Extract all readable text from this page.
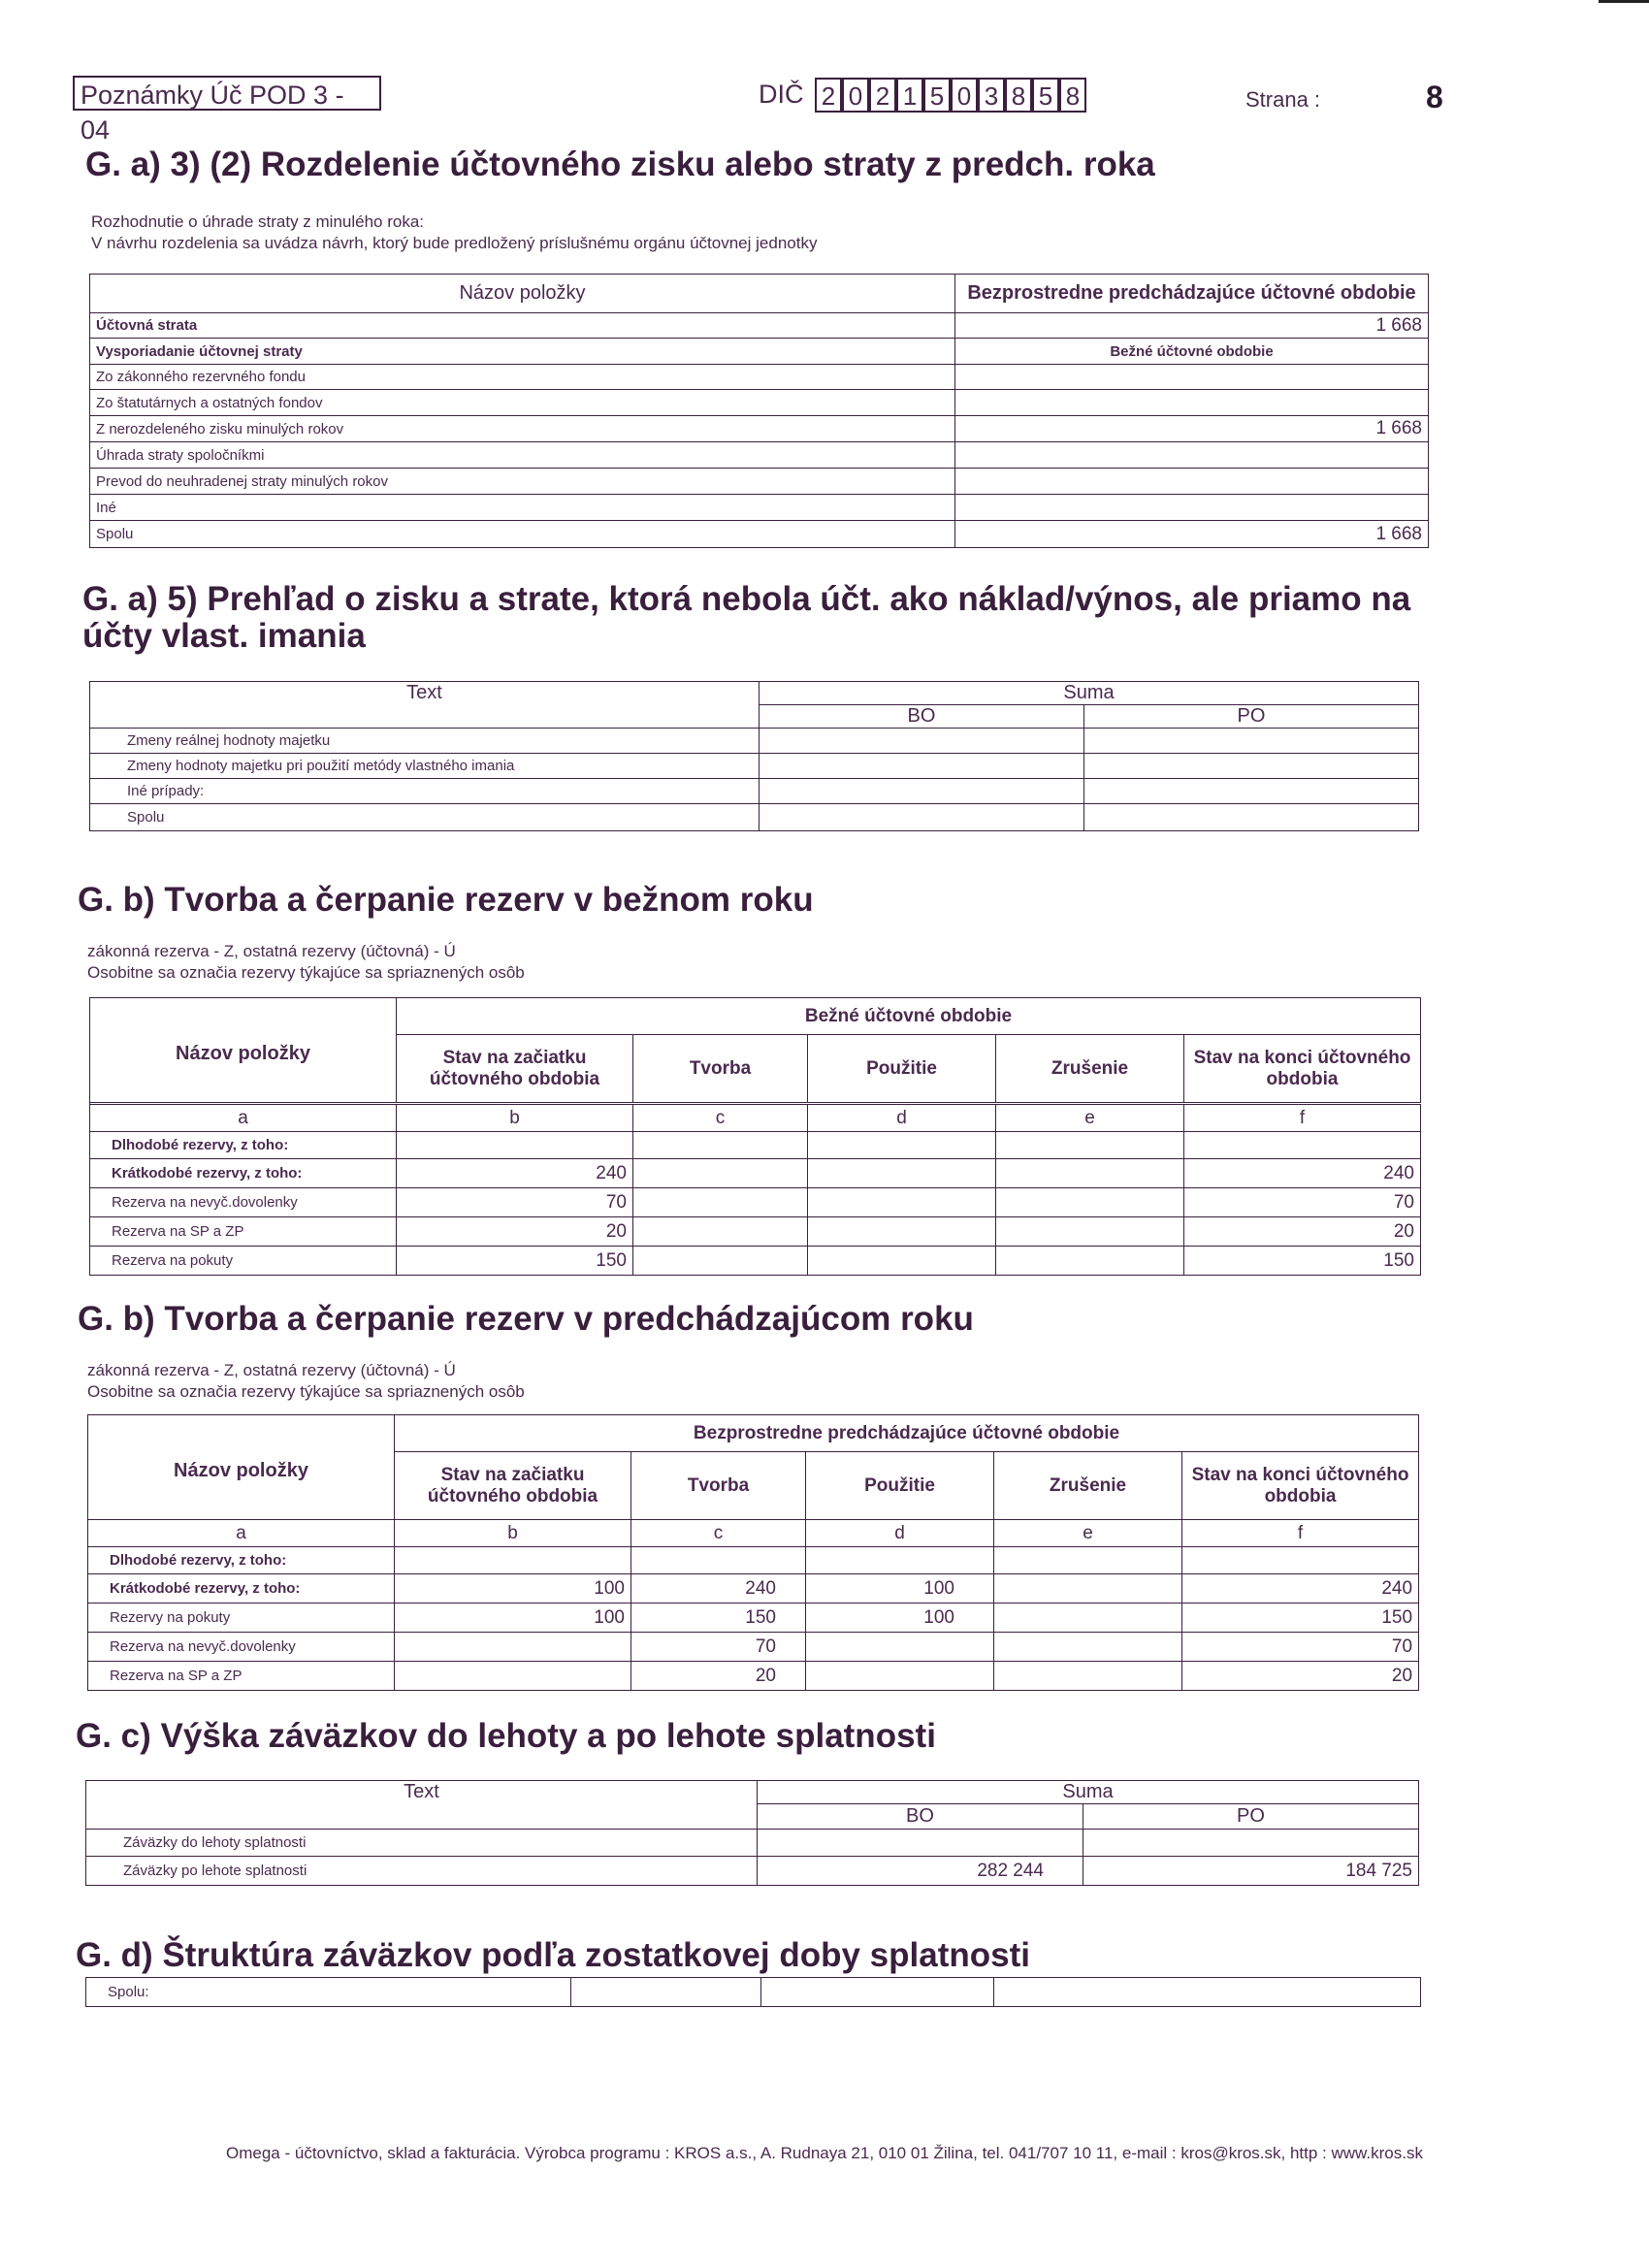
Poznámky Úč POD 3 - 04
DIČ 2 0 2 1 5 0 3 8 5 8	Strana :	8
G. a) 3) (2) Rozdelenie účtovného zisku alebo straty z predch. roka
Rozhodnutie o úhrade straty z minulého roka:
V návrhu rozdelenia sa uvádza návrh, ktorý bude predložený príslušnému orgánu účtovnej jednotky
Názov položky	Bezprostredne predchádzajúce účtovné obdobie
Účtovná strata	1 668
Vysporiadanie účtovnej straty	Bežné účtovné obdobie
Zo zákonného rezervného fondu	
Zo štatutárnych a ostatných fondov	
Z nerozdeleného zisku minulých rokov	1 668
Úhrada straty spoločníkmi	
Prevod do neuhradenej straty minulých rokov	
Iné	
Spolu	1 668
G. a) 5) Prehľad o zisku a strate, ktorá nebola účt. ako náklad/výnos, ale priamo na
účty vlast. imania
Text	Suma	
	BO	PO
Zmeny reálnej hodnoty majetku		
Zmeny hodnoty majetku pri použití metódy vlastného imania		
Iné prípady:		
Spolu		
G. b) Tvorba a čerpanie rezerv v bežnom roku
zákonná rezerva - Z, ostatná rezervy (účtovná) - Ú
Osobitne sa označia rezervy týkajúce sa spriaznených osôb
Názov položky	Bežné účtovné obdobie				
	Stav na začiatku účtovného obdobia	Tvorba	Použitie	Zrušenie	Stav na konci účtovného obdobia

a	b	c	d	e	f
Dlhodobé rezervy, z toho:					
Krátkodobé rezervy, z toho:	240				240
Rezerva na nevyč.dovolenky	70				70
Rezerva na SP a ZP	20				20
Rezerva na pokuty	150				150
G. b) Tvorba a čerpanie rezerv v predchádzajúcom roku
zákonná rezerva - Z, ostatná rezervy (účtovná) - Ú
Osobitne sa označia rezervy týkajúce sa spriaznených osôb
Názov položky	Bezprostredne predchádzajúce účtovné obdobie				
	Stav na začiatku účtovného obdobia	Tvorba	Použitie	Zrušenie	Stav na konci účtovného obdobia
a	b	c	d	e	f
Dlhodobé rezervy, z toho:					
Krátkodobé rezervy, z toho:	100	240	100		240
Rezervy na pokuty	100	150	100		150
Rezerva na nevyč.dovolenky		70			70
Rezerva na SP a ZP		20			20
G. c) Výška záväzkov do lehoty a po lehote splatnosti
Text	Suma	
	BO	PO
Záväzky do lehoty splatnosti		
Záväzky po lehote splatnosti	282 244	184 725
G. d) Štruktúra záväzkov podľa zostatkovej doby splatnosti
Spolu:			
Omega - účtovníctvo, sklad a fakturácia. Výrobca programu : KROS a.s., A. Rudnaya 21, 010 01 Žilina, tel. 041/707 10 11, e-mail : kros@kros.sk, http : www.kros.sk
